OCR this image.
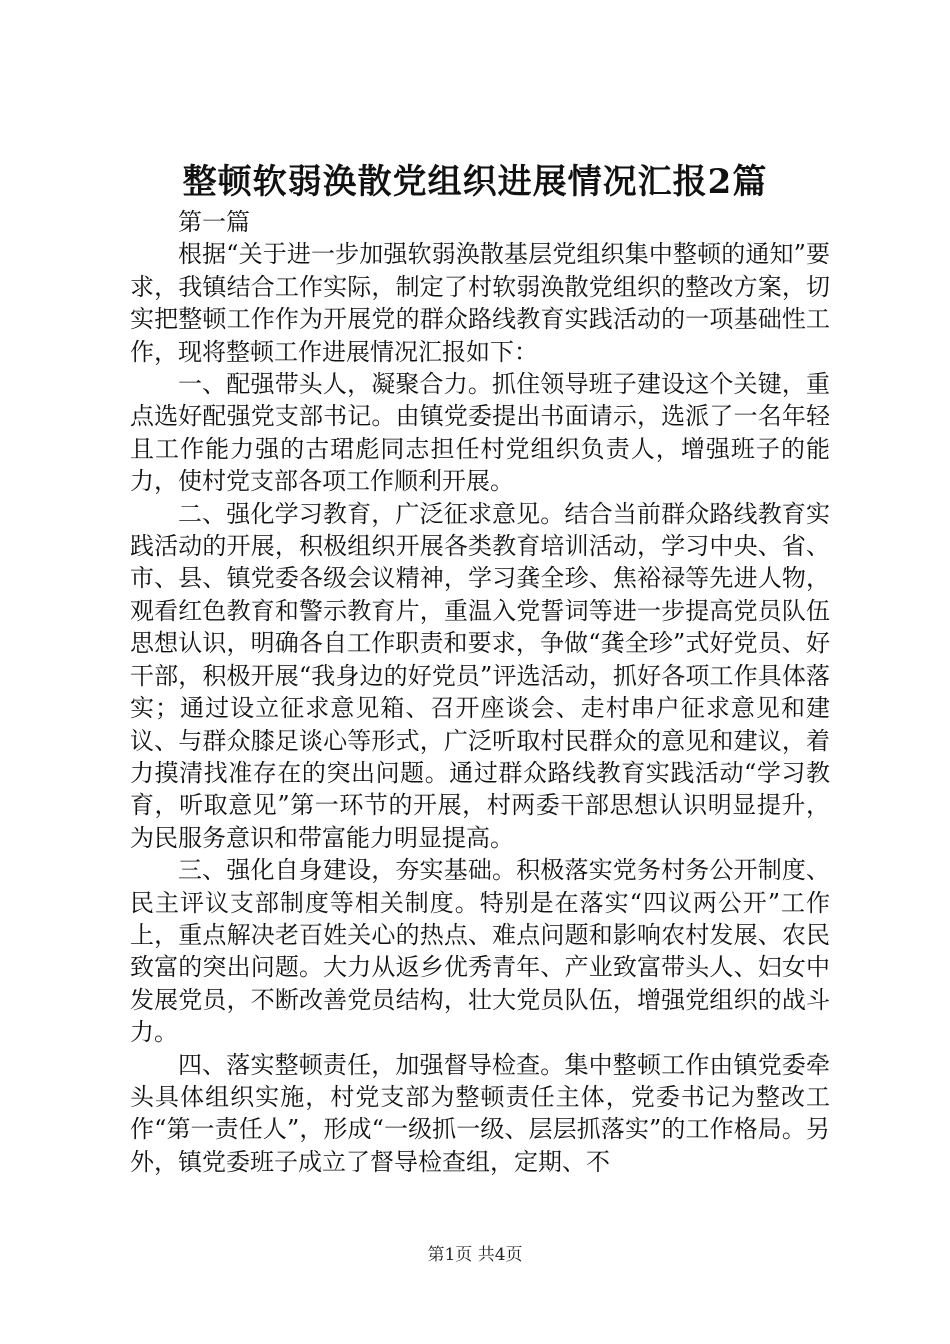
整顿软弱涣散党组织进展情况汇报2篇

第一篇

根据“关于进一步加强软弱涣散基层党组织集中整顿的通知”要求，我镇结合工作实际，制定了村软弱涣散党组织的整改方案，切实把整顿工作作为开展党的群众路线教育实践活动的一项基础性工作，现将整顿工作进展情况汇报如下：

一、配强带头人，凝聚合力。抓住领导班子建设这个关键，重点选好配强党支部书记。由镇党委提出书面请示，选派了一名年轻且工作能力强的古珺彪同志担任村党组织负责人，增强班子的能力，使村党支部各项工作顺利开展。

二、强化学习教育，广泛征求意见。结合当前群众路线教育实践活动的开展，积极组织开展各类教育培训活动，学习中央、省、市、县、镇党委各级会议精神，学习龚全珍、焦裕禄等先进人物，观看红色教育和警示教育片，重温入党誓词等进一步提高党员队伍思想认识，明确各自工作职责和要求，争做“龚全珍”式好党员、好干部，积极开展“我身边的好党员”评选活动，抓好各项工作具体落实；通过设立征求意见箱、召开座谈会、走村串户征求意见和建议、与群众膝足谈心等形式，广泛听取村民群众的意见和建议，着力摸清找准存在的突出问题。通过群众路线教育实践活动“学习教育，听取意见”第一环节的开展，村两委干部思想认识明显提升，为民服务意识和带富能力明显提高。

三、强化自身建设，夯实基础。积极落实党务村务公开制度、民主评议支部制度等相关制度。特别是在落实“四议两公开”工作上，重点解决老百姓关心的热点、难点问题和影响农村发展、农民致富的突出问题。大力从返乡优秀青年、产业致富带头人、妇女中发展党员，不断改善党员结构，壮大党员队伍，增强党组织的战斗力。

四、落实整顿责任，加强督导检查。集中整顿工作由镇党委牵头具体组织实施，村党支部为整顿责任主体，党委书记为整改工作“第一责任人”，形成“一级抓一级、层层抓落实”的工作格局。另外，镇党委班子成立了督导检查组，定期、不

第1页 共4页
